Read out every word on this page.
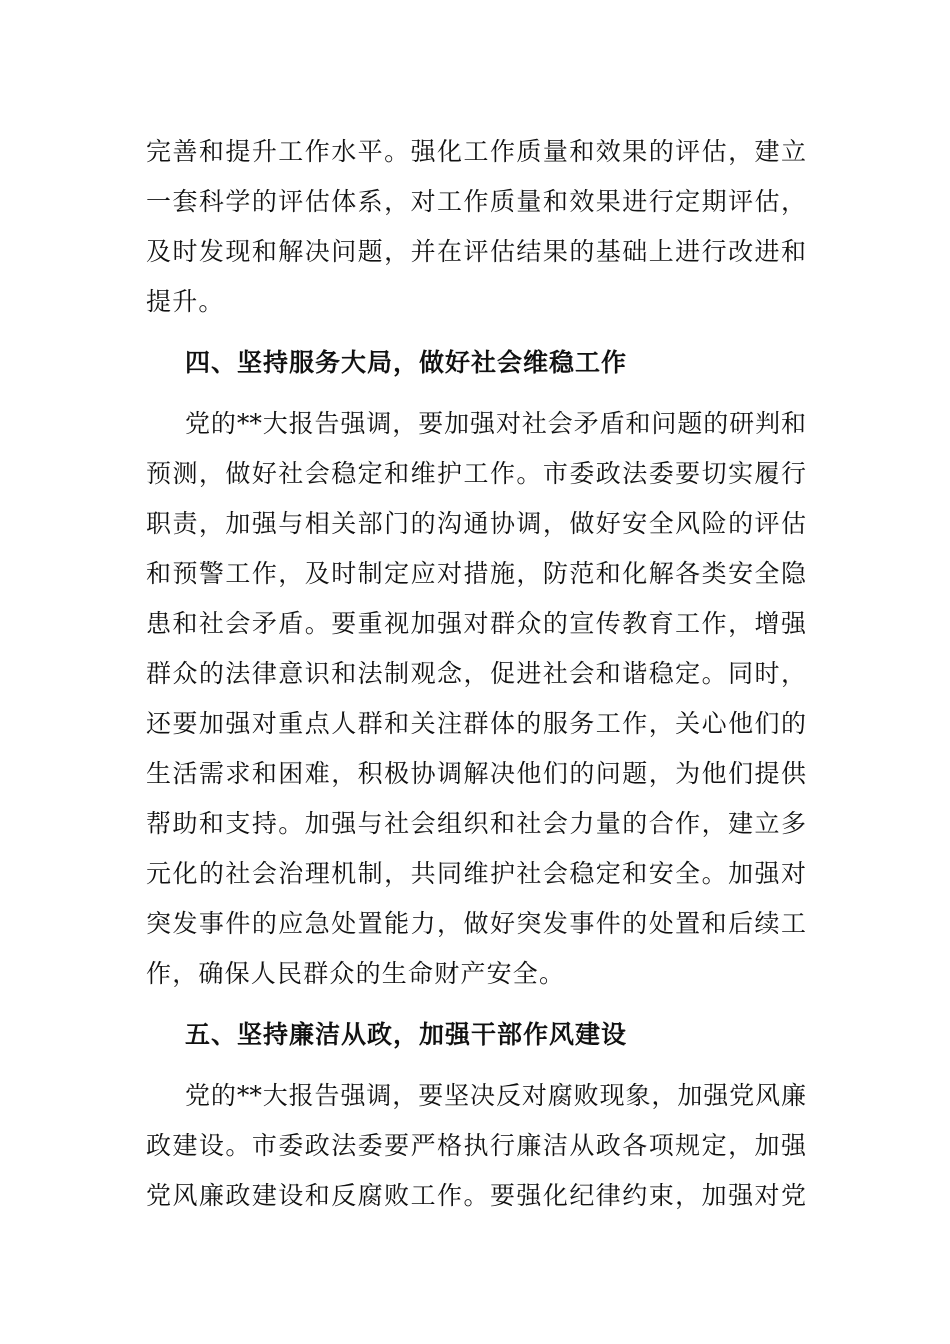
完善和提升工作水平。强化工作质量和效果的评估，建立
一套科学的评估体系，对工作质量和效果进行定期评估，
及时发现和解决问题，并在评估结果的基础上进行改进和
提升。
四、坚持服务大局，做好社会维稳工作
党的**大报告强调，要加强对社会矛盾和问题的研判和
预测，做好社会稳定和维护工作。市委政法委要切实履行
职责，加强与相关部门的沟通协调，做好安全风险的评估
和预警工作，及时制定应对措施，防范和化解各类安全隐
患和社会矛盾。要重视加强对群众的宣传教育工作，增强
群众的法律意识和法制观念，促进社会和谐稳定。同时，
还要加强对重点人群和关注群体的服务工作，关心他们的
生活需求和困难，积极协调解决他们的问题，为他们提供
帮助和支持。加强与社会组织和社会力量的合作，建立多
元化的社会治理机制，共同维护社会稳定和安全。加强对
突发事件的应急处置能力，做好突发事件的处置和后续工
作，确保人民群众的生命财产安全。
五、坚持廉洁从政，加强干部作风建设
党的**大报告强调，要坚决反对腐败现象，加强党风廉
政建设。市委政法委要严格执行廉洁从政各项规定，加强
党风廉政建设和反腐败工作。要强化纪律约束，加强对党
